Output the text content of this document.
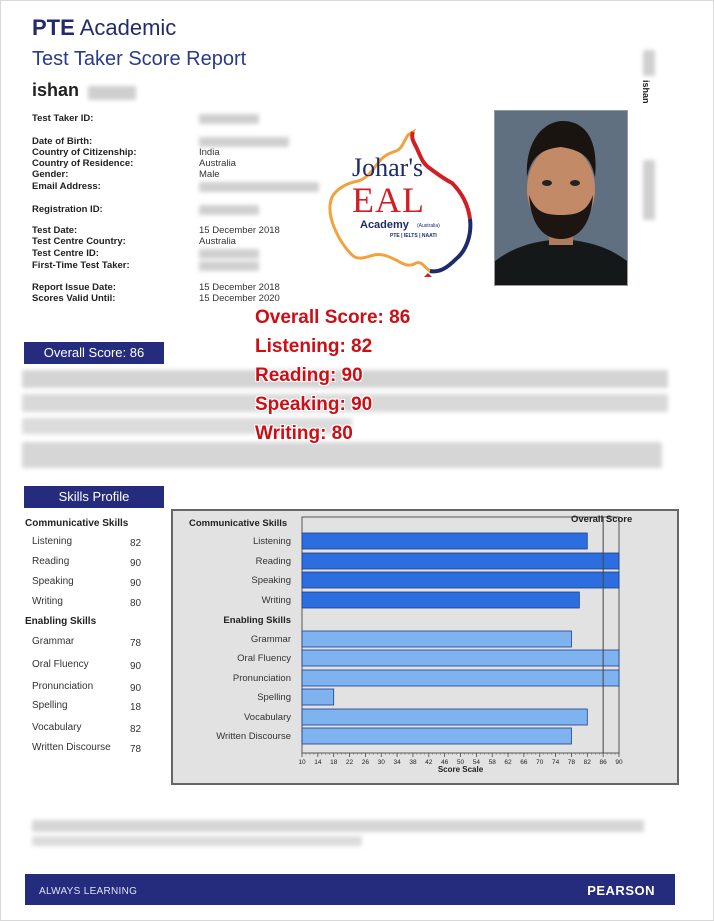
PTE Academic
Test Taker Score Report
ishan
Test Taker ID:
Date of Birth:
Country of Citizenship:	India
Country of Residence:	Australia
Gender:	Male
Email Address:
Registration ID:
Test Date:	15 December 2018
Test Centre Country:	Australia
Test Centre ID:
First-Time Test Taker:
Report Issue Date:	15 December 2018
Scores Valid Until:	15 December 2020
Johar's
EAL
Academy (Australia)
PTE | IELTS | NAATI
ishan
Overall Score: 86
Overall Score: 86
Listening: 82
Reading: 90
Speaking: 90
Writing: 80
Skills Profile
Communicative Skills
Listening	82
Reading	90
Speaking	90
Writing	80
Enabling Skills
Grammar	78
Oral Fluency	90
Pronunciation	90
Spelling	18
Vocabulary	82
Written Discourse 78
Communicative Skills
Enabling Skills
Overall Score
Listening
Reading
Speaking
Writing
Grammar
Oral Fluency
Pronunciation
Spelling
Vocabulary
Written Discourse
10 14 18 22 26 30 34 38 42 46 50 54 58 62 66 70 74 78 82 86 90
Score Scale
ALWAYS LEARNING	PEARSON
